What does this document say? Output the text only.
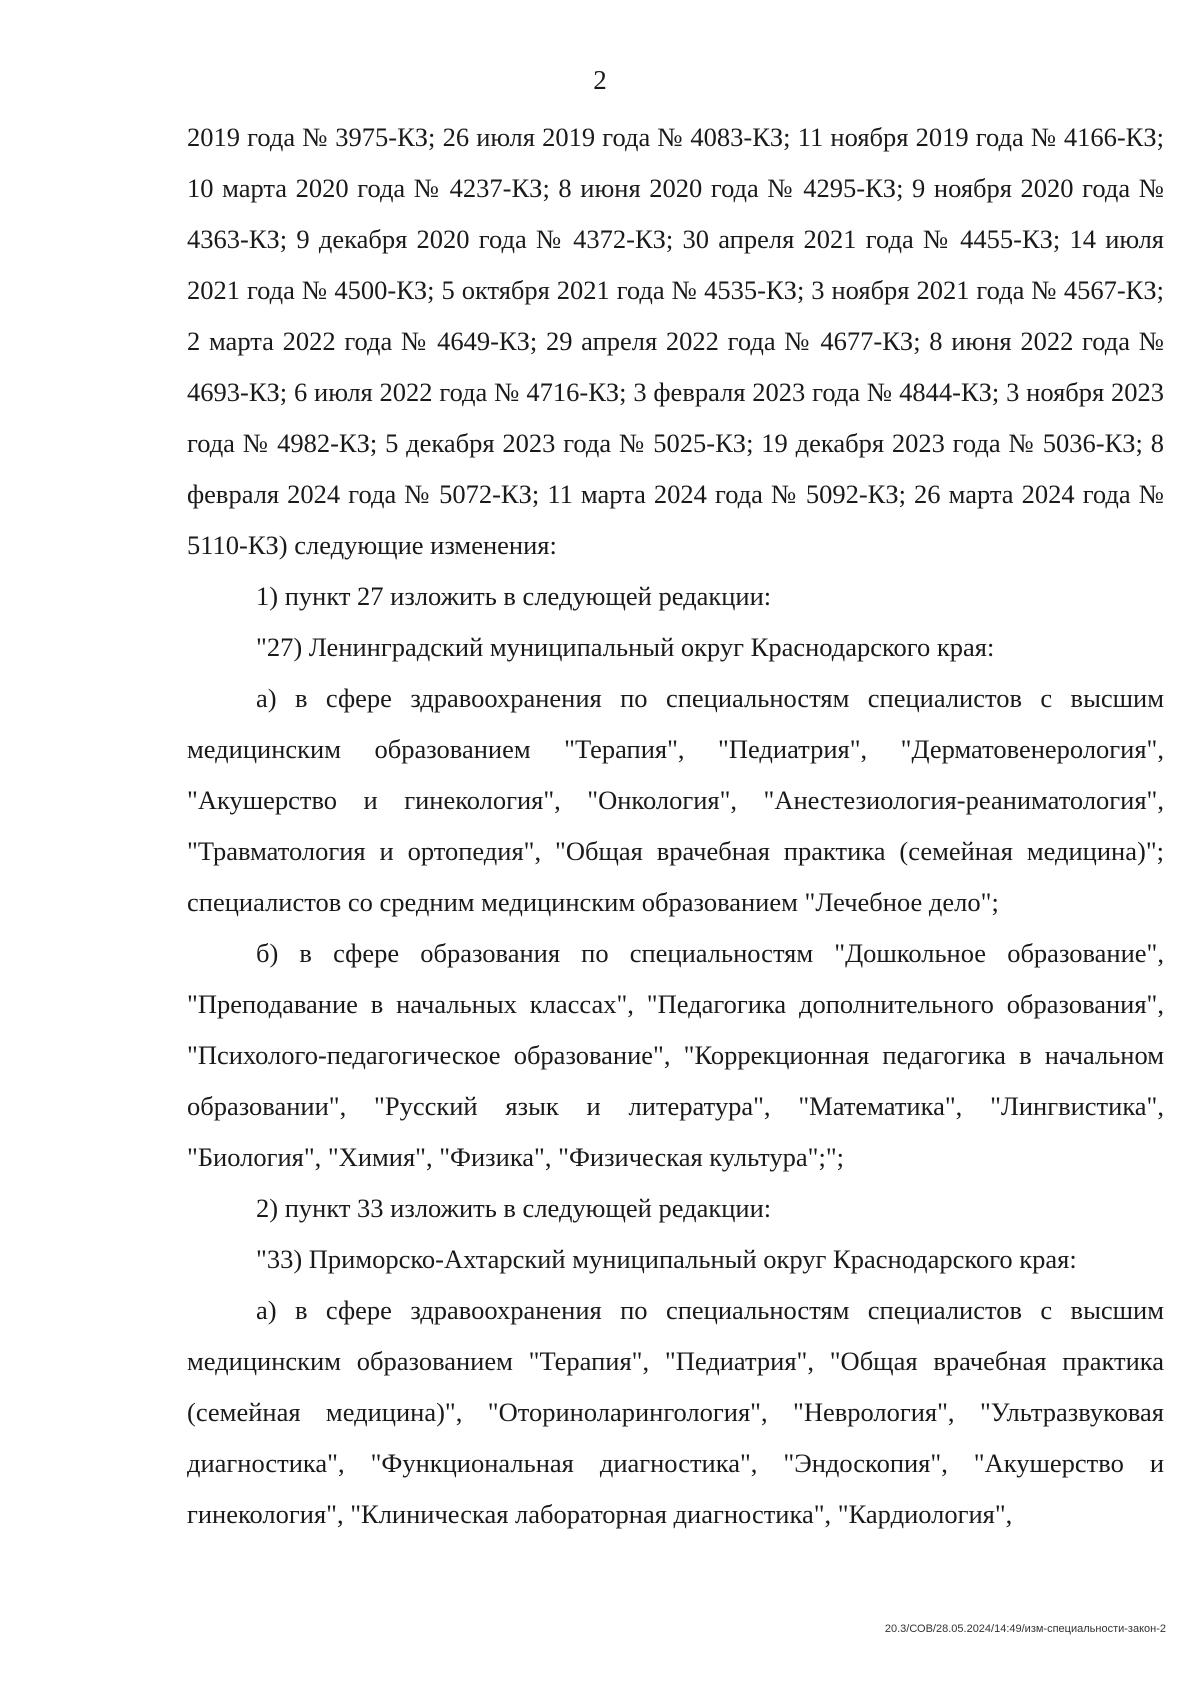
2

2019 года № 3975-КЗ; 26 июля 2019 года № 4083-КЗ; 11 ноября 2019 года № 4166-КЗ; 10 марта 2020 года № 4237-КЗ; 8 июня 2020 года № 4295-КЗ; 9 ноября 2020 года № 4363-КЗ; 9 декабря 2020 года № 4372-КЗ; 30 апреля 2021 года № 4455-КЗ; 14 июля 2021 года № 4500-КЗ; 5 октября 2021 года № 4535-КЗ; 3 ноября 2021 года № 4567-КЗ; 2 марта 2022 года № 4649-КЗ; 29 апреля 2022 года № 4677-КЗ; 8 июня 2022 года № 4693-КЗ; 6 июля 2022 года № 4716-КЗ; 3 февраля 2023 года № 4844-КЗ; 3 ноября 2023 года № 4982-КЗ; 5 декабря 2023 года № 5025-КЗ; 19 декабря 2023 года № 5036-КЗ; 8 февраля 2024 года № 5072-КЗ; 11 марта 2024 года № 5092-КЗ; 26 марта 2024 года № 5110-КЗ) следующие изменения:

1) пункт 27 изложить в следующей редакции:

"27) Ленинградский муниципальный округ Краснодарского края:

а) в сфере здравоохранения по специальностям специалистов с высшим медицинским образованием "Терапия", "Педиатрия", "Дерматовенерология", "Акушерство и гинекология", "Онкология", "Анестезиология-реаниматология", "Травматология и ортопедия", "Общая врачебная практика (семейная медицина)"; специалистов со средним медицинским образованием "Лечебное дело";

б) в сфере образования по специальностям "Дошкольное образование", "Преподавание в начальных классах", "Педагогика дополнительного образования", "Психолого-педагогическое образование", "Коррекционная педагогика в начальном образовании", "Русский язык и литература", "Математика", "Лингвистика", "Биология", "Химия", "Физика", "Физическая культура";";

2) пункт 33 изложить в следующей редакции:

"33) Приморско-Ахтарский муниципальный округ Краснодарского края:

а) в сфере здравоохранения по специальностям специалистов с высшим медицинским образованием "Терапия", "Педиатрия", "Общая врачебная практика (семейная медицина)", "Оториноларингология", "Неврология", "Ультразвуковая диагностика", "Функциональная диагностика", "Эндоскопия", "Акушерство и гинекология", "Клиническая лабораторная диагностика", "Кардиология",

20.3/СОВ/28.05.2024/14:49/изм-специальности-закон-2
